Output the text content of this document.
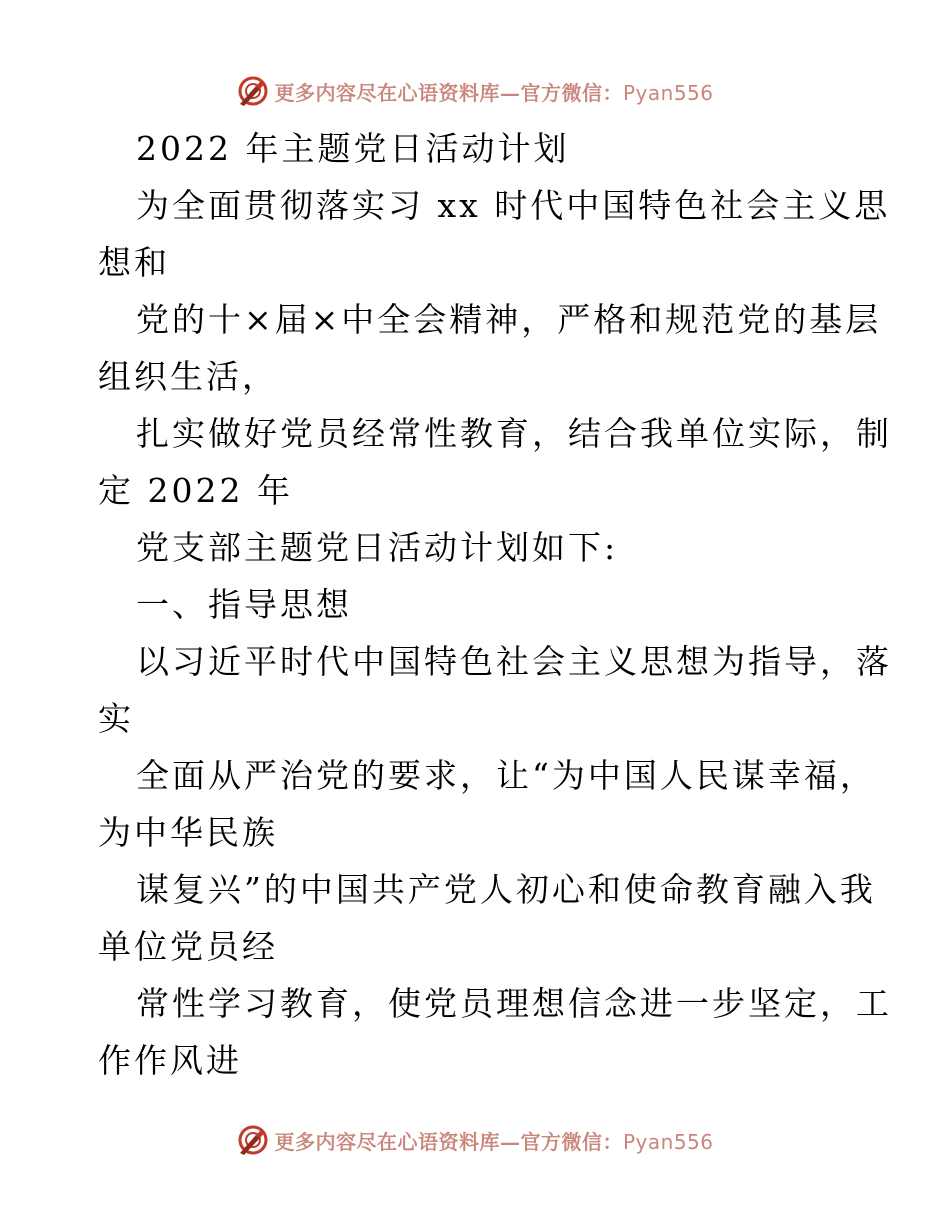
更多内容尽在心语资料库—官方微信：Pyan556
2022 年主题党日活动计划
为全面贯彻落实习 xx 时代中国特色社会主义思
想和
党的十×届×中全会精神，严格和规范党的基层
组织生活，
扎实做好党员经常性教育，结合我单位实际，制
定 2022 年
党支部主题党日活动计划如下:
一、指导思想
以习近平时代中国特色社会主义思想为指导，落
实
全面从严治党的要求，让“为中国人民谋幸福，
为中华民族
谋复兴”的中国共产党人初心和使命教育融入我
单位党员经
常性学习教育，使党员理想信念进一步坚定，工
作作风进
更多内容尽在心语资料库—官方微信：Pyan556
